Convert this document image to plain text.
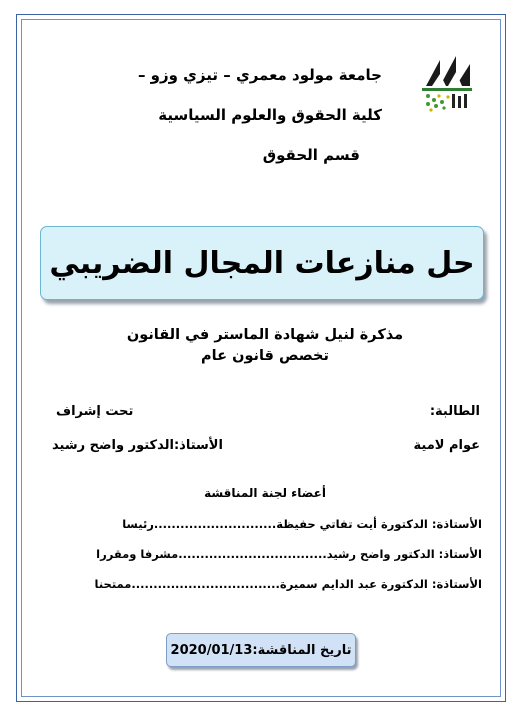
جامعة مولود معمري – تيزي وزو –
كلية الحقوق والعلوم السياسية
قسم الحقوق
حل منازعات المجال الضريبي
مذكرة لنيل شهادة الماستر في القانون
تخصص قانون عام
الطالبة:
تحت إشراف
عوام لامية
الأستاذ:الدكتور واضح رشيد
أعضاء لجنة المناقشة
الأستاذة: الدكتورة أيت تفاتي حفيظة............................رئيسا
الأستاذ: الدكتور واضح رشيد..................................مشرفا ومقررا
الأستاذة: الدكتورة عبد الدايم سميرة..................................ممتحنا
تاريخ المناقشة:
2020/01/13
